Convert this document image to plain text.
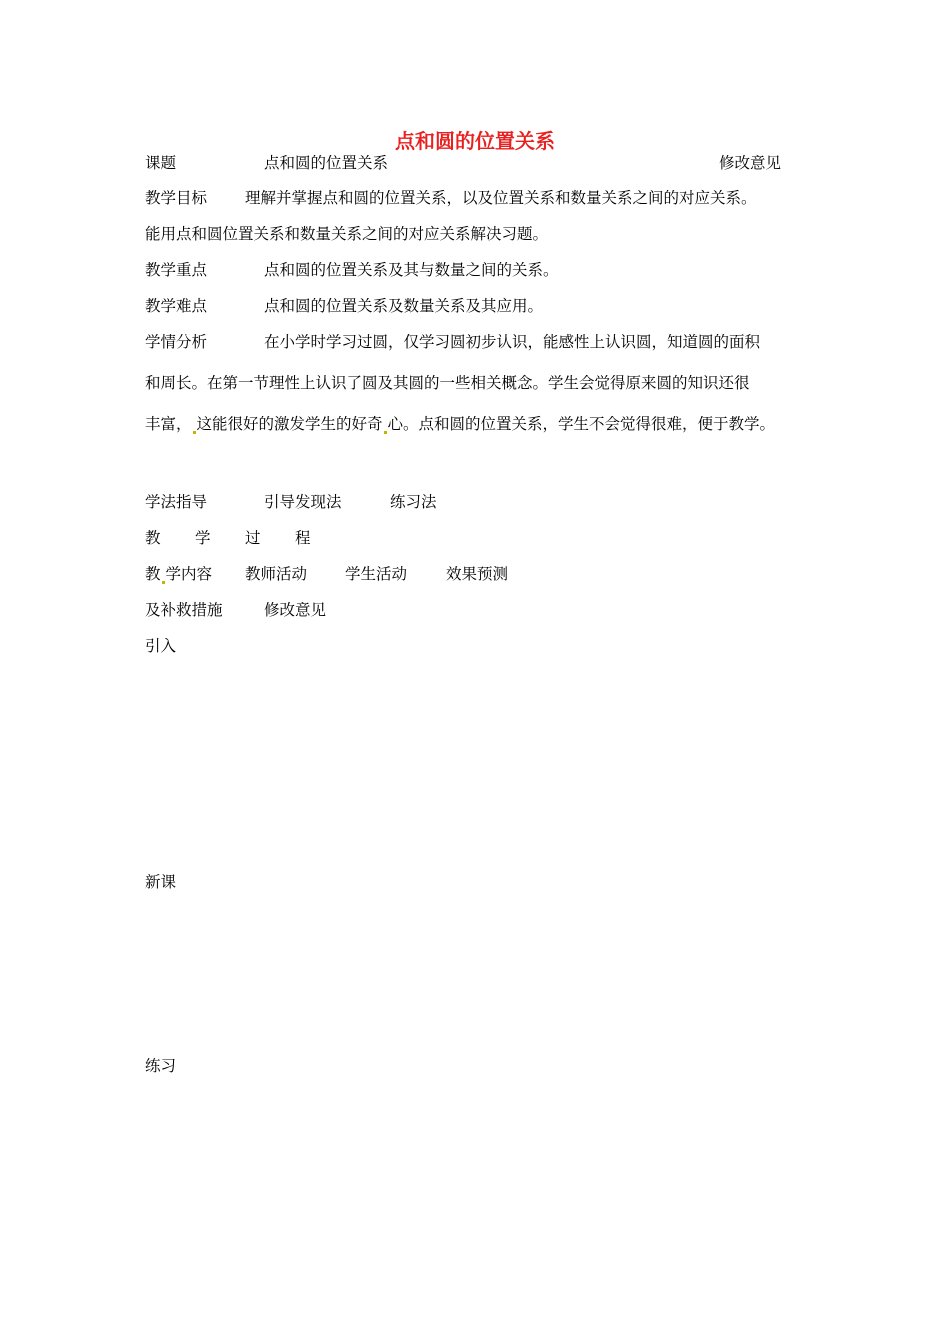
点和圆的位置关系
课题	点和圆的位置关系	修改意见
教学目标 理解并掌握点和圆的位置关系，以及位置关系和数量关系之间的对应关系。
能用点和圆位置关系和数量关系之间的对应关系解决习题。
教学重点	点和圆的位置关系及其与数量之间的关系。
教学难点	点和圆的位置关系及数量关系及其应用。
学情分析	在小学时学习过圆，仅学习圆初步认识，能感性上认识圆，知道圆的面积
和周长。在第一节理性上认识了圆及其圆的一些相关概念。学生会觉得原来圆的知识还很
丰富， 这能很好的激发学生的好奇 心。点和圆的位置关系，学生不会觉得很难，便于教学。
学法指导	引导发现法	练习法
教 学 过 程
教 学内容 教师活动 学生活动	效果预测
及补救措施	修改意见
引入
新课
练习
